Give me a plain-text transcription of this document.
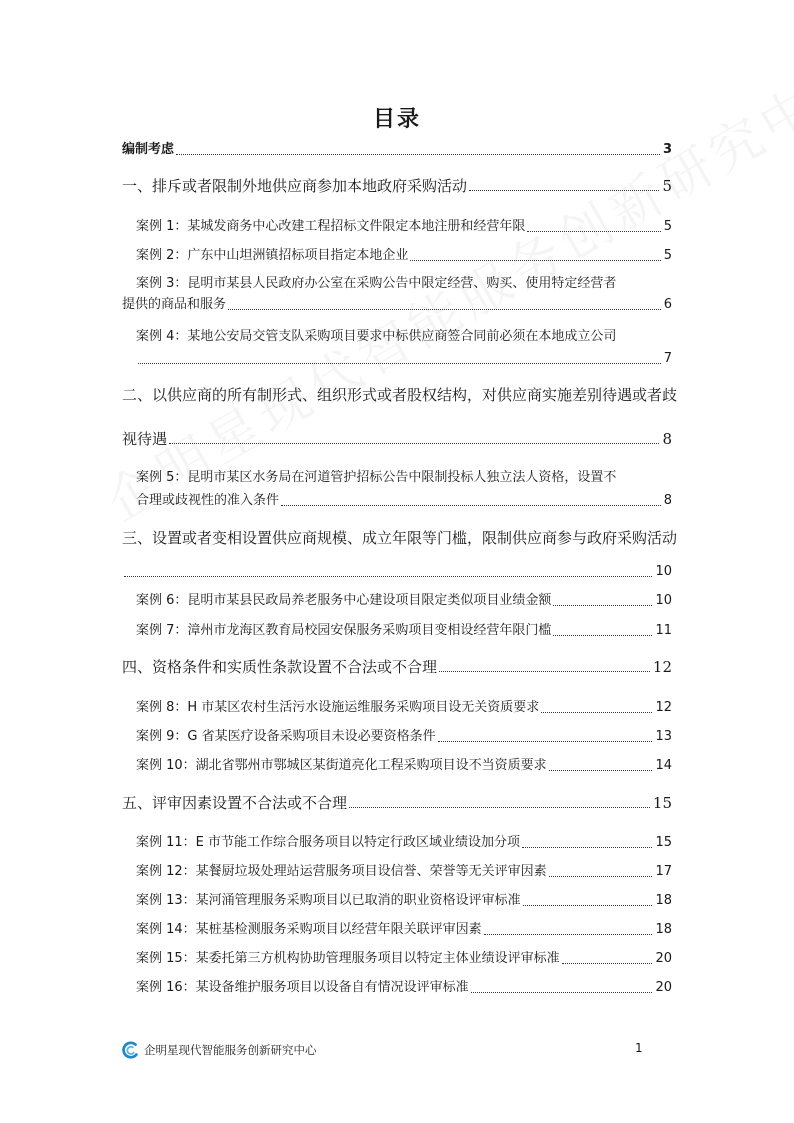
目录
编制考虑	3
一、排斥或者限制外地供应商参加本地政府采购活动	5
案例 1：某城发商务中心改建工程招标文件限定本地注册和经营年限	5
案例 2：广东中山坦洲镇招标项目指定本地企业	5
案例 3：昆明市某县人民政府办公室在采购公告中限定经营、购买、使用特定经营者
提供的商品和服务	6
案例 4：某地公安局交管支队采购项目要求中标供应商签合同前必须在本地成立公司
7
二、以供应商的所有制形式、组织形式或者股权结构，对供应商实施差别待遇或者歧
视待遇	8
案例 5：昆明市某区水务局在河道管护招标公告中限制投标人独立法人资格，设置不
合理或歧视性的准入条件	8
三、设置或者变相设置供应商规模、成立年限等门槛，限制供应商参与政府采购活动
10
案例 6：昆明市某县民政局养老服务中心建设项目限定类似项目业绩金额	10
案例 7：漳州市龙海区教育局校园安保服务采购项目变相设经营年限门槛	11
四、资格条件和实质性条款设置不合法或不合理	12
案例 8：H 市某区农村生活污水设施运维服务采购项目设无关资质要求	12
案例 9：G 省某医疗设备采购项目未设必要资格条件	13
案例 10：湖北省鄂州市鄂城区某街道亮化工程采购项目设不当资质要求	14
五、评审因素设置不合法或不合理	15
案例 11：E 市节能工作综合服务项目以特定行政区域业绩设加分项	15
案例 12：某餐厨垃圾处理站运营服务项目设信誉、荣誉等无关评审因素	17
案例 13：某河涌管理服务采购项目以已取消的职业资格设评审标准	18
案例 14：某桩基检测服务采购项目以经营年限关联评审因素	18
案例 15：某委托第三方机构协助管理服务项目以特定主体业绩设评审标准	20
案例 16：某设备维护服务项目以设备自有情况设评审标准	20
企明星现代智能服务创新研究中心	1
